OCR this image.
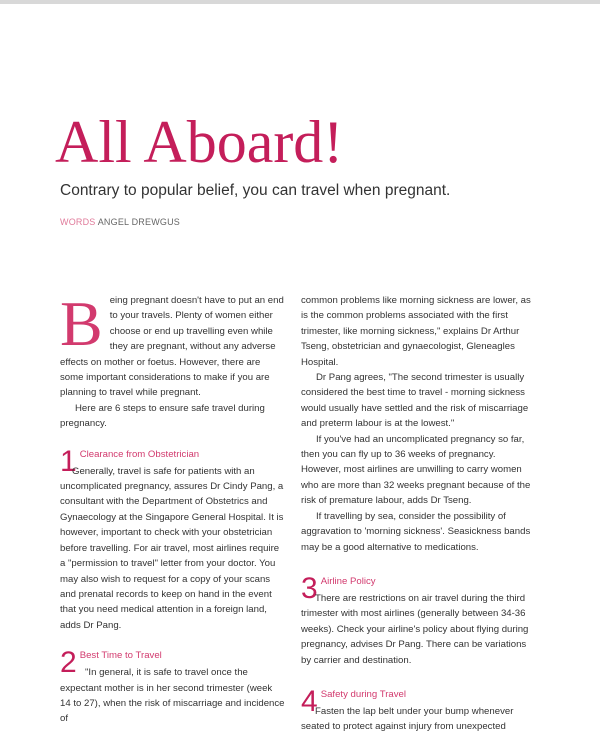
All Aboard!
Contrary to popular belief, you can travel when pregnant.
WORDS ANGEL DREWGUS
B eing pregnant doesn't have to put an end

to your travels. Plenty of women either

choose or end up travelling even while

they are pregnant, without any adverse

effects on mother or foetus. However, there are some important considerations to make if you are planning to travel while pregnant.

Here are 6 steps to ensure safe travel during pregnancy.

1 Clearance from Obstetrician

Generally, travel is safe for patients with an uncomplicated pregnancy, assures Dr Cindy Pang, a consultant with the Department of Obstetrics and Gynaecology at the Singapore General Hospital. It is however, important to check with your obstetrician before travelling. For air travel, most airlines require a "permission to travel" letter from your doctor. You may also wish to request for a copy of your scans and prenatal records to keep on hand in the event that you need medical attention in a foreign land, adds Dr Pang.

2 Best Time to Travel

"In general, it is safe to travel once the expectant mother is in her second trimester (week 14 to 27), when the risk of miscarriage and incidence of

common problems like morning sickness are lower, as is the common problems associated with the first trimester, like morning sickness," explains Dr Arthur Tseng, obstetrician and gynaecologist, Gleneagles Hospital.

Dr Pang agrees, "The second trimester is usually considered the best time to travel - morning sickness would usually have settled and the risk of miscarriage and preterm labour is at the lowest."

If you've had an uncomplicated pregnancy so far, then you can fly up to 36 weeks of pregnancy. However, most airlines are unwilling to carry women who are more than 32 weeks pregnant because of the risk of premature labour, adds Dr Tseng.

If travelling by sea, consider the possibility of aggravation to 'morning sickness'. Seasickness bands may be a good alternative to medications.

3 Airline Policy

There are restrictions on air travel during the third trimester with most airlines (generally between 34-36 weeks). Check your airline's policy about flying during pregnancy, advises Dr Pang. There can be variations by carrier and destination.

4 Safety during Travel

Fasten the lap belt under your bump whenever seated to protect against injury from unexpected
